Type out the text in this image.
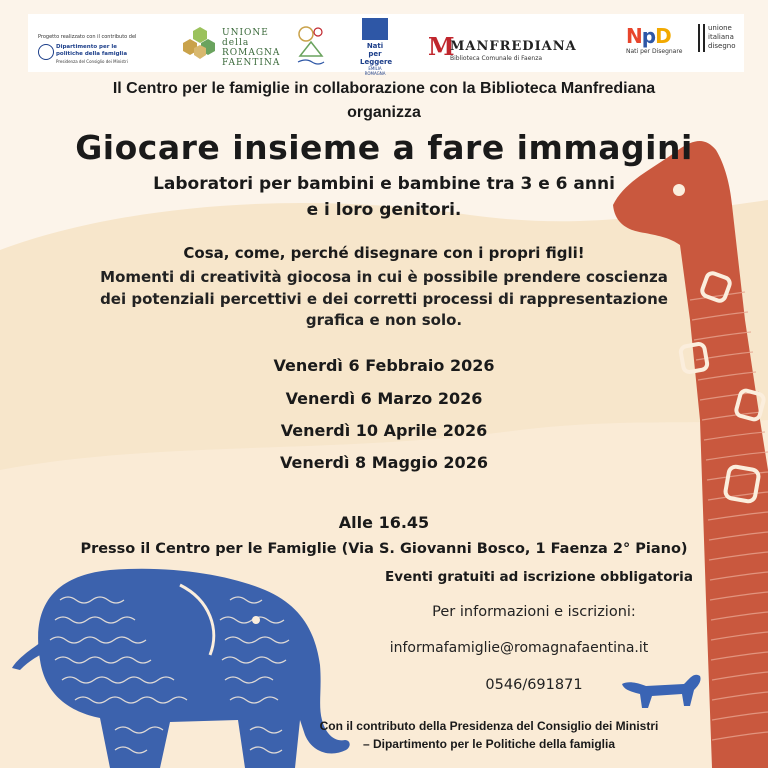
Progetto realizzato con il contributo del
Dipartimento per le politiche della famiglia
Presidenza del Consiglio dei Ministri
UNIONE della ROMAGNA FAENTINA
Nati per Leggere
EMILIA ROMAGNA
M
MANFREDIANA
Biblioteca Comunale di Faenza
NpD
Nati per Disegnare
unione italiana disegno
Il Centro per le famiglie in collaborazione con la Biblioteca Manfrediana
organizza
Giocare insieme a fare immagini
Laboratori per bambini e bambine tra 3 e 6 anni
e i loro genitori.
Cosa, come, perché disegnare con i propri figli!
Momenti di creatività giocosa in cui è possibile prendere coscienza
dei potenziali percettivi e dei corretti processi di rappresentazione
grafica e non solo.
Venerdì 6 Febbraio 2026
Venerdì 6 Marzo 2026
Venerdì 10 Aprile 2026
Venerdì 8 Maggio 2026
Alle 16.45
Presso il Centro per le Famiglie (Via S. Giovanni Bosco, 1 Faenza 2° Piano)
Eventi gratuiti ad iscrizione obbligatoria
Per informazioni e iscrizioni:
informafamiglie@romagnafaentina.it
0546/691871
Con il contributo della Presidenza del Consiglio dei Ministri
– Dipartimento per le Politiche della famiglia
